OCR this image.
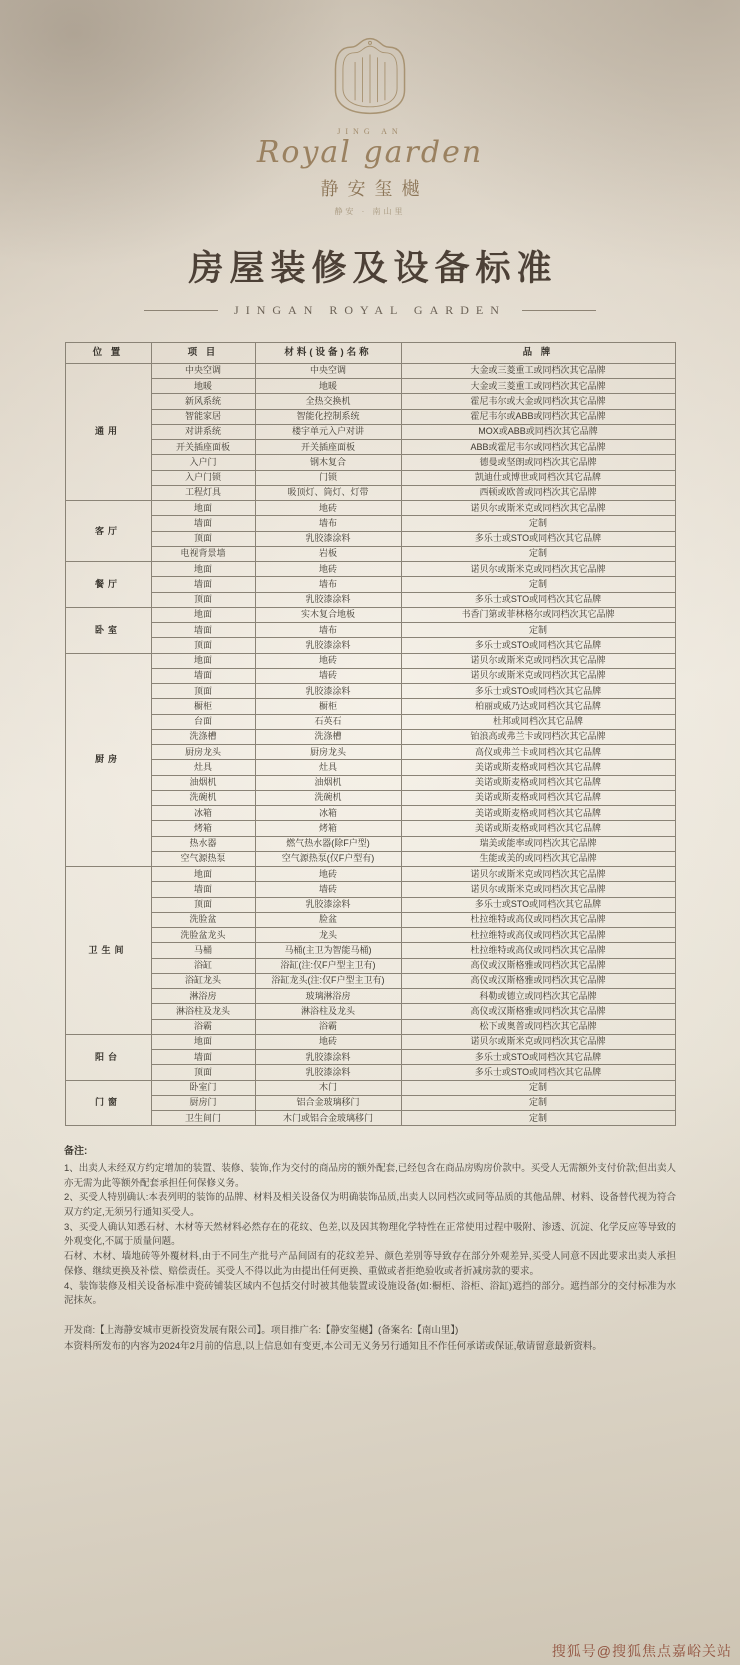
JING AN
Royal garden
静安玺樾
静安 · 南山里
房屋装修及设备标准
JINGAN ROYAL GARDEN
位 置	项 目	材料(设备)名称	品 牌
通用	中央空调	中央空调	大金或三菱重工或同档次其它品牌
	地暖	地暖	大金或三菱重工或同档次其它品牌
	新风系统	全热交换机	霍尼韦尔或大金或同档次其它品牌
	智能家居	智能化控制系统	霍尼韦尔或ABB或同档次其它品牌
	对讲系统	楼宇单元入户对讲	MOX或ABB或同档次其它品牌
	开关插座面板	开关插座面板	ABB或霍尼韦尔或同档次其它品牌
	入户门	钢木复合	德曼或坚朗或同档次其它品牌
	入户门锁	门锁	凯迪仕或博世或同档次其它品牌
	工程灯具	吸顶灯、筒灯、灯带	西顿或欧普或同档次其它品牌
客厅	地面	地砖	诺贝尔或斯米克或同档次其它品牌
	墙面	墙布	定制
	顶面	乳胶漆涂料	多乐士或STO或同档次其它品牌
	电视背景墙	岩板	定制
餐厅	地面	地砖	诺贝尔或斯米克或同档次其它品牌
	墙面	墙布	定制
	顶面	乳胶漆涂料	多乐士或STO或同档次其它品牌
卧室	地面	实木复合地板	书香门第或菲林格尔或同档次其它品牌
	墙面	墙布	定制
	顶面	乳胶漆涂料	多乐士或STO或同档次其它品牌
厨房	地面	地砖	诺贝尔或斯米克或同档次其它品牌
	墙面	墙砖	诺贝尔或斯米克或同档次其它品牌
	顶面	乳胶漆涂料	多乐士或STO或同档次其它品牌
	橱柜	橱柜	柏丽或威乃达或同档次其它品牌
	台面	石英石	杜邦或同档次其它品牌
	洗涤槽	洗涤槽	铂浪高或弗兰卡或同档次其它品牌
	厨房龙头	厨房龙头	高仪或弗兰卡或同档次其它品牌
	灶具	灶具	美诺或斯麦格或同档次其它品牌
	油烟机	油烟机	美诺或斯麦格或同档次其它品牌
	洗碗机	洗碗机	美诺或斯麦格或同档次其它品牌
	冰箱	冰箱	美诺或斯麦格或同档次其它品牌
	烤箱	烤箱	美诺或斯麦格或同档次其它品牌
	热水器	燃气热水器(除F户型)	瑞美或能率或同档次其它品牌
	空气源热泵	空气源热泵(仅F户型有)	生能或美的或同档次其它品牌
卫生间	地面	地砖	诺贝尔或斯米克或同档次其它品牌
	墙面	墙砖	诺贝尔或斯米克或同档次其它品牌
	顶面	乳胶漆涂料	多乐士或STO或同档次其它品牌
	洗脸盆	脸盆	杜拉维特或高仪或同档次其它品牌
	洗脸盆龙头	龙头	杜拉维特或高仪或同档次其它品牌
	马桶	马桶(主卫为智能马桶)	杜拉维特或高仪或同档次其它品牌
	浴缸	浴缸(注:仅F户型主卫有)	高仪或汉斯格雅或同档次其它品牌
	浴缸龙头	浴缸龙头(注:仅F户型主卫有)	高仪或汉斯格雅或同档次其它品牌
	淋浴房	玻璃淋浴房	科勒或德立或同档次其它品牌
	淋浴柱及龙头	淋浴柱及龙头	高仪或汉斯格雅或同档次其它品牌
	浴霸	浴霸	松下或奥普或同档次其它品牌
阳台	地面	地砖	诺贝尔或斯米克或同档次其它品牌
	墙面	乳胶漆涂料	多乐士或STO或同档次其它品牌
	顶面	乳胶漆涂料	多乐士或STO或同档次其它品牌
门窗	卧室门	木门	定制
	厨房门	铝合金玻璃移门	定制
	卫生间门	木门或铝合金玻璃移门	定制
备注:

1、出卖人未经双方约定增加的装置、装修、装饰,作为交付的商品房的额外配套,已经包含在商品房购房价款中。买受人无需额外支付价款;但出卖人亦无需为此等额外配套承担任何保修义务。

2、买受人特别确认:本表列明的装饰的品牌、材料及相关设备仅为明确装饰品质,出卖人以同档次或同等品质的其他品牌、材料、设备替代视为符合双方约定,无须另行通知买受人。

3、买受人确认知悉石材、木材等天然材料必然存在的花纹、色差,以及因其物理化学特性在正常使用过程中吸附、渗透、沉淀、化学反应等导致的外观变化,不属于质量问题。

石材、木材、墙地砖等外覆材料,由于不同生产批号产品间固有的花纹差异、颜色差别等导致存在部分外观差异,买受人同意不因此要求出卖人承担保修、继续更换及补偿、赔偿责任。买受人不得以此为由提出任何更换、重做或者拒绝验收或者折减房款的要求。

4、装饰装修及相关设备标准中瓷砖铺装区域内不包括交付时被其他装置或设施设备(如:橱柜、浴柜、浴缸)遮挡的部分。遮挡部分的交付标准为水泥抹灰。

开发商:【上海静安城市更新投资发展有限公司】。项目推广名:【静安玺樾】(备案名:【南山里】)

本资料所发布的内容为2024年2月前的信息,以上信息如有变更,本公司无义务另行通知且不作任何承诺或保证,敬请留意最新资料。

搜狐号@搜狐焦点嘉峪关站
